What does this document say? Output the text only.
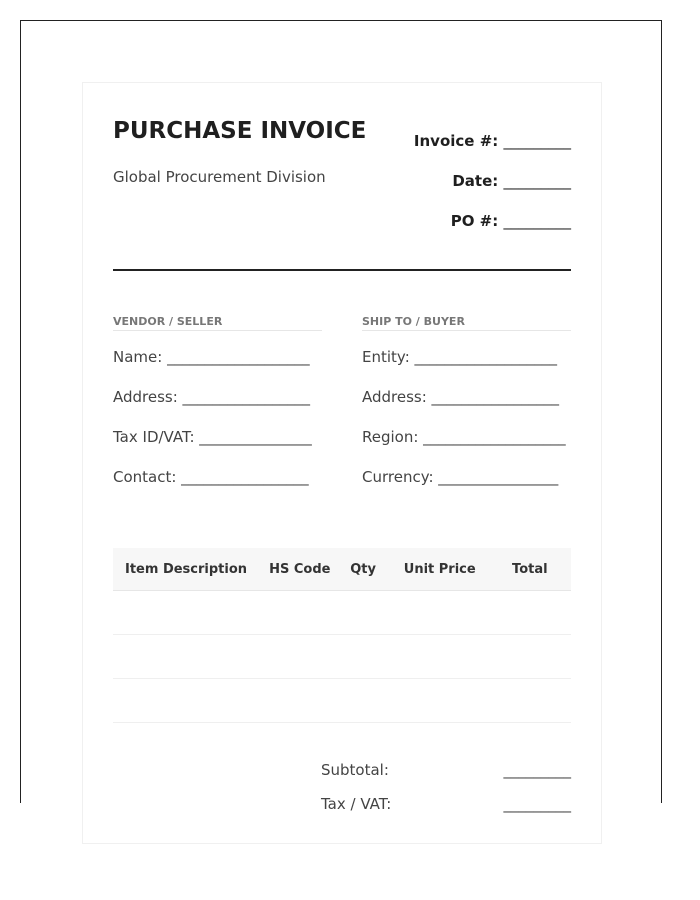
PURCHASE INVOICE
Global Procurement Division
Invoice #: _________
Date: _________
PO #: _________
VENDOR / SELLER
Name: ___________________
Address: _________________
Tax ID/VAT: _______________
Contact: _________________
SHIP TO / BUYER
Entity: ___________________
Address: _________________
Region: ___________________
Currency: ________________
Item Description	HS Code	Qty	Unit Price	Total

Subtotal:	_________
Tax / VAT:	_________
